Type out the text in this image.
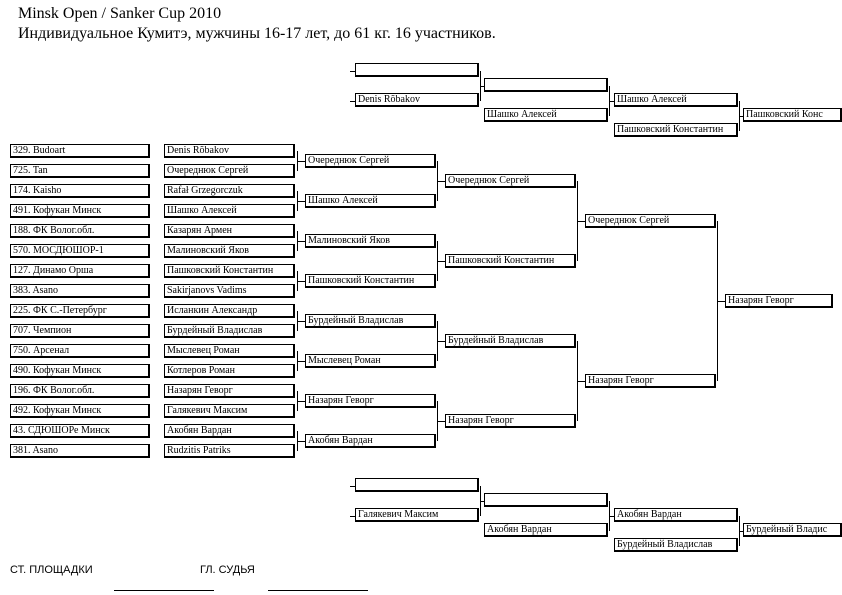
Minsk Open / Sanker Cup 2010
Индивидуальное Кумитэ, мужчины 16-17 лет, до 61 кг. 16 участников.
329. Budoart
725. Tan
174. Kaisho
491. Кофукан Минск
188. ФК Волог.обл.
570. МОСДЮШОР-1
127. Динамо Орша
383. Asano
225. ФК С.-Петербург
707. Чемпион
750. Арсенал
490. Кофукан Минск
196. ФК Волог.обл.
492. Кофукан Минск
43. СДЮШОРе Минск
381. Asano
Denis Rõbakov
Очереднюк Сергей
Rafał Grzegorczuk
Шашко Алексей
Казарян Армен
Малиновский Яков
Пашковский Константин
Sakirjanovs Vadims
Исланкин Александр
Бурдейный Владислав
Мыслевец Роман
Котлеров Роман
Назарян Геворг
Галякевич Максим
Акобян Вардан
Rudzitis Patriks
Очереднюк Сергей
Шашко Алексей
Малиновский Яков
Пашковский Константин
Бурдейный Владислав
Мыслевец Роман
Назарян Геворг
Акобян Вардан
Очереднюк Сергей
Пашковский Константин
Бурдейный Владислав
Назарян Геворг
Очереднюк Сергей
Назарян Геворг
Назарян Геворг
Denis Rõbakov
Шашко Алексей
Шашко Алексей
Пашковский Константин
Пашковский Конс
Галякевич Максим
Акобян Вардан
Акобян Вардан
Бурдейный Владислав
Бурдейный Владис
СТ. ПЛОЩАДКИ	ГЛ. СУДЬЯ
